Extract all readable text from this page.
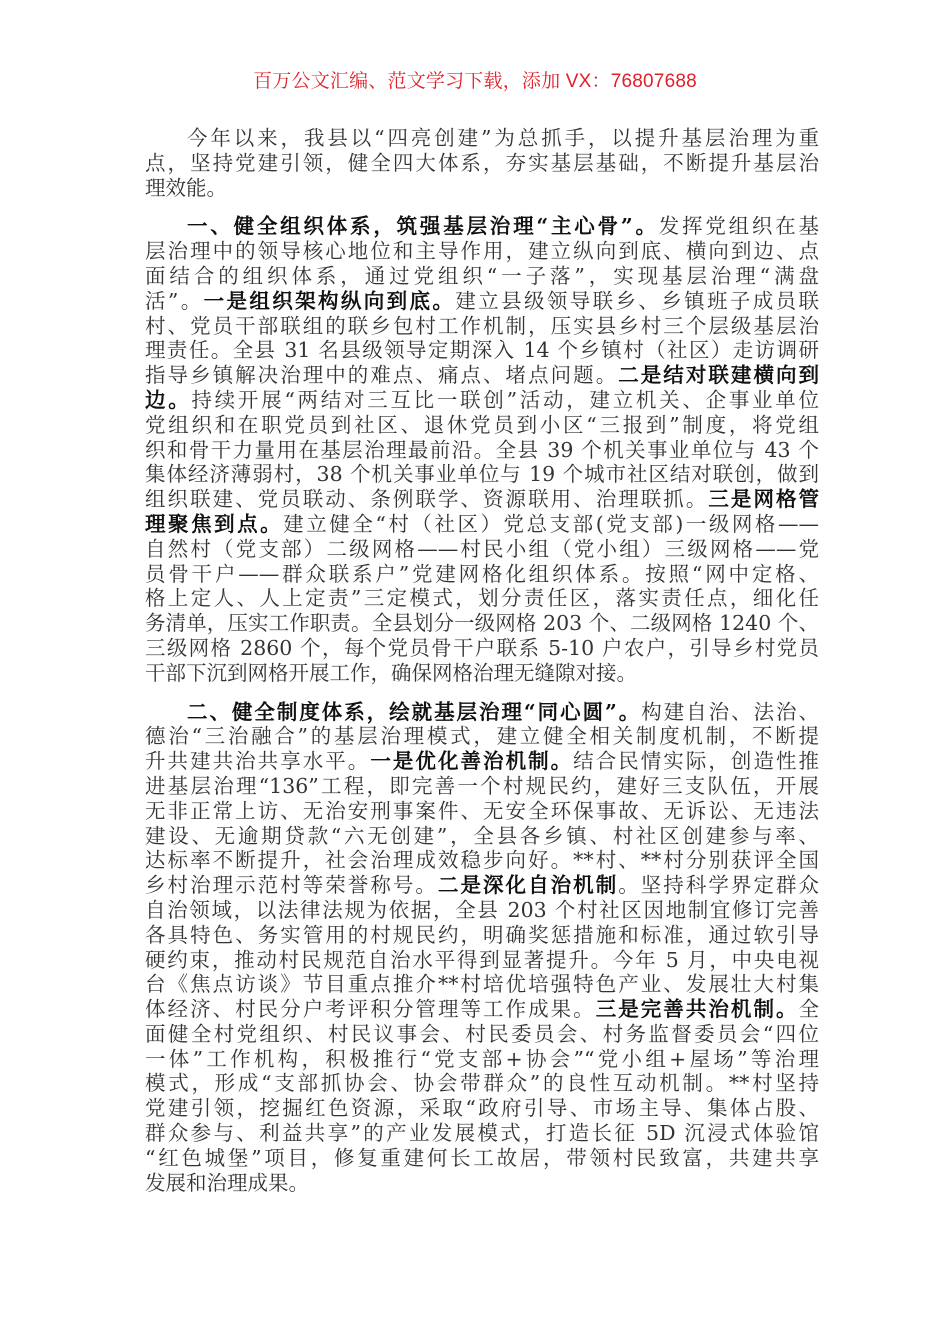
百万公文汇编、范文学习下载，添加 VX：76807688
今年以来，我县以“四亮创建”为总抓手，以提升基层治理为重
点，坚持党建引领，健全四大体系，夯实基层基础，不断提升基层治
理效能。
一、健全组织体系，筑强基层治理“主心骨”。发挥党组织在基
层治理中的领导核心地位和主导作用，建立纵向到底、横向到边、点
面结合的组织体系，通过党组织“一子落”，实现基层治理“满盘
活”。一是组织架构纵向到底。建立县级领导联乡、乡镇班子成员联
村、党员干部联组的联乡包村工作机制，压实县乡村三个层级基层治
理责任。全县 31 名县级领导定期深入 14 个乡镇村（社区）走访调研
指导乡镇解决治理中的难点、痛点、堵点问题。二是结对联建横向到
边。持续开展“两结对三互比一联创”活动，建立机关、企事业单位
党组织和在职党员到社区、退休党员到小区“三报到”制度，将党组
织和骨干力量用在基层治理最前沿。全县 39 个机关事业单位与 43 个
集体经济薄弱村，38 个机关事业单位与 19 个城市社区结对联创，做到
组织联建、党员联动、条例联学、资源联用、治理联抓。三是网格管
理聚焦到点。建立健全“村（社区）党总支部(党支部)一级网格——
自然村（党支部）二级网格——村民小组（党小组）三级网格——党
员骨干户——群众联系户”党建网格化组织体系。按照“网中定格、
格上定人、人上定责”三定模式，划分责任区，落实责任点，细化任
务清单，压实工作职责。全县划分一级网格 203 个、二级网格 1240 个、
三级网格 2860 个，每个党员骨干户联系 5-10 户农户，引导乡村党员
干部下沉到网格开展工作，确保网格治理无缝隙对接。
二、健全制度体系，绘就基层治理“同心圆”。构建自治、法治、
德治“三治融合”的基层治理模式，建立健全相关制度机制，不断提
升共建共治共享水平。一是优化善治机制。结合民情实际，创造性推
进基层治理“136”工程，即完善一个村规民约，建好三支队伍，开展
无非正常上访、无治安刑事案件、无安全环保事故、无诉讼、无违法
建设、无逾期贷款“六无创建”，全县各乡镇、村社区创建参与率、
达标率不断提升，社会治理成效稳步向好。**村、**村分别获评全国
乡村治理示范村等荣誉称号。二是深化自治机制。坚持科学界定群众
自治领域，以法律法规为依据，全县 203 个村社区因地制宜修订完善
各具特色、务实管用的村规民约，明确奖惩措施和标准，通过软引导
硬约束，推动村民规范自治水平得到显著提升。今年 5 月，中央电视
台《焦点访谈》节目重点推介**村培优培强特色产业、发展壮大村集
体经济、村民分户考评积分管理等工作成果。三是完善共治机制。全
面健全村党组织、村民议事会、村民委员会、村务监督委员会“四位
一体”工作机构，积极推行“党支部+协会”“党小组+屋场”等治理
模式，形成“支部抓协会、协会带群众”的良性互动机制。**村坚持
党建引领，挖掘红色资源，采取“政府引导、市场主导、集体占股、
群众参与、利益共享”的产业发展模式，打造长征 5D 沉浸式体验馆
“红色城堡”项目，修复重建何长工故居，带领村民致富，共建共享
发展和治理成果。
